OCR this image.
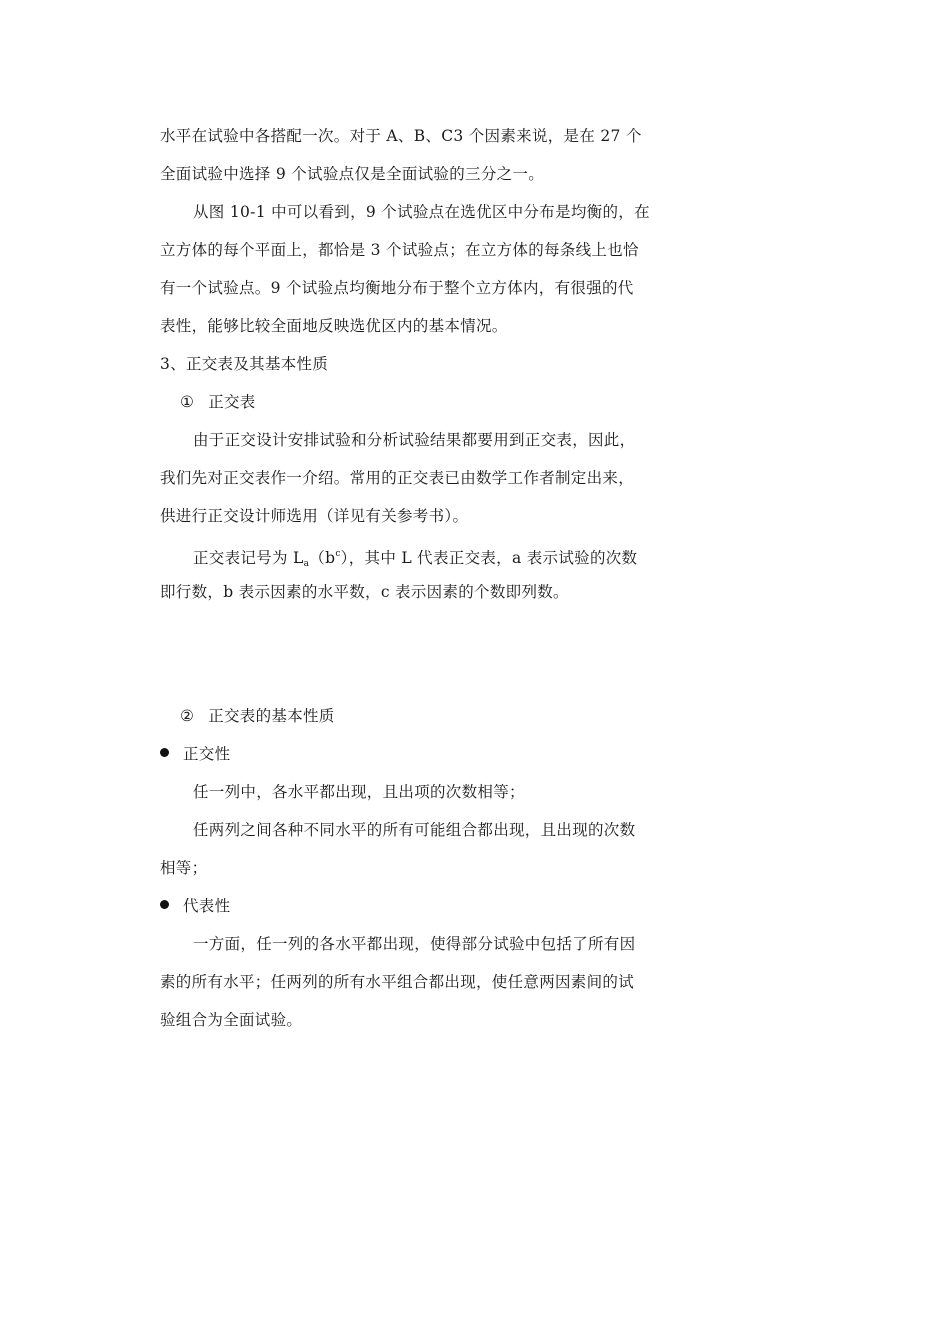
水平在试验中各搭配一次。对于 A、B、C3 个因素来说，是在 27 个
全面试验中选择 9 个试验点仅是全面试验的三分之一。
从图 10-1 中可以看到，9 个试验点在选优区中分布是均衡的，在
立方体的每个平面上，都恰是 3 个试验点；在立方体的每条线上也恰
有一个试验点。9 个试验点均衡地分布于整个立方体内，有很强的代
表性，能够比较全面地反映选优区内的基本情况。
3、正交表及其基本性质
① 正交表
由于正交设计安排试验和分析试验结果都要用到正交表，因此，
我们先对正交表作一介绍。常用的正交表已由数学工作者制定出来，
供进行正交设计师选用（详见有关参考书）。
正交表记号为 $L_a(b^c)$，其中 L 代表正交表，a 表示试验的次数
即行数，b 表示因素的水平数，c 表示因素的个数即列数。
② 正交表的基本性质
正交性
任一列中，各水平都出现，且出项的次数相等；
任两列之间各种不同水平的所有可能组合都出现，且出现的次数
相等；
代表性
一方面，任一列的各水平都出现，使得部分试验中包括了所有因
素的所有水平；任两列的所有水平组合都出现，使任意两因素间的试
验组合为全面试验。
